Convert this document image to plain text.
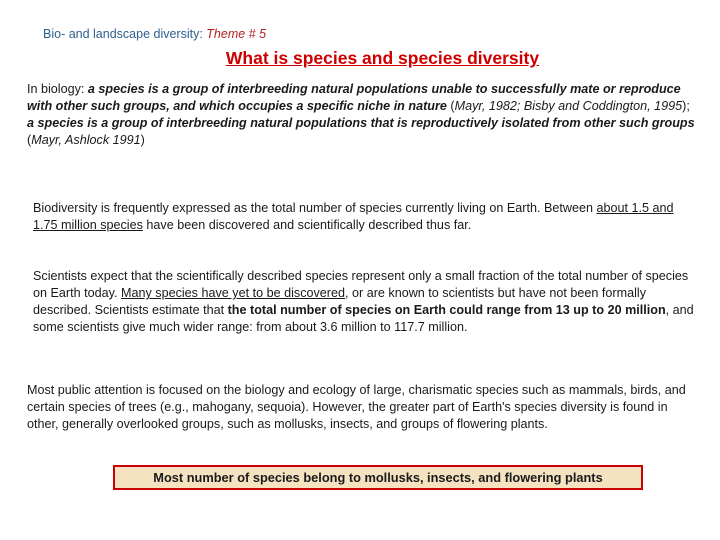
Bio- and landscape diversity: Theme # 5
What is species and species diversity
In biology: a species is a group of interbreeding natural populations unable to successfully mate or reproduce with other such groups, and which occupies a specific niche in nature (Mayr, 1982; Bisby and Coddington, 1995);
a species is a group of interbreeding natural populations that is reproductively isolated from other such groups (Mayr, Ashlock 1991)
Biodiversity is frequently expressed as the total number of species currently living on Earth. Between about 1.5 and 1.75 million species have been discovered and scientifically described thus far.
Scientists expect that the scientifically described species represent only a small fraction of the total number of species on Earth today. Many species have yet to be discovered, or are known to scientists but have not been formally described. Scientists estimate that the total number of species on Earth could range from 13 up to 20 million, and some scientists give much wider range: from about 3.6 million to 117.7 million.
Most public attention is focused on the biology and ecology of large, charismatic species such as mammals, birds, and certain species of trees (e.g., mahogany, sequoia). However, the greater part of Earth's species diversity is found in other, generally overlooked groups, such as mollusks, insects, and groups of flowering plants.
Most number of species belong to mollusks, insects, and flowering plants
